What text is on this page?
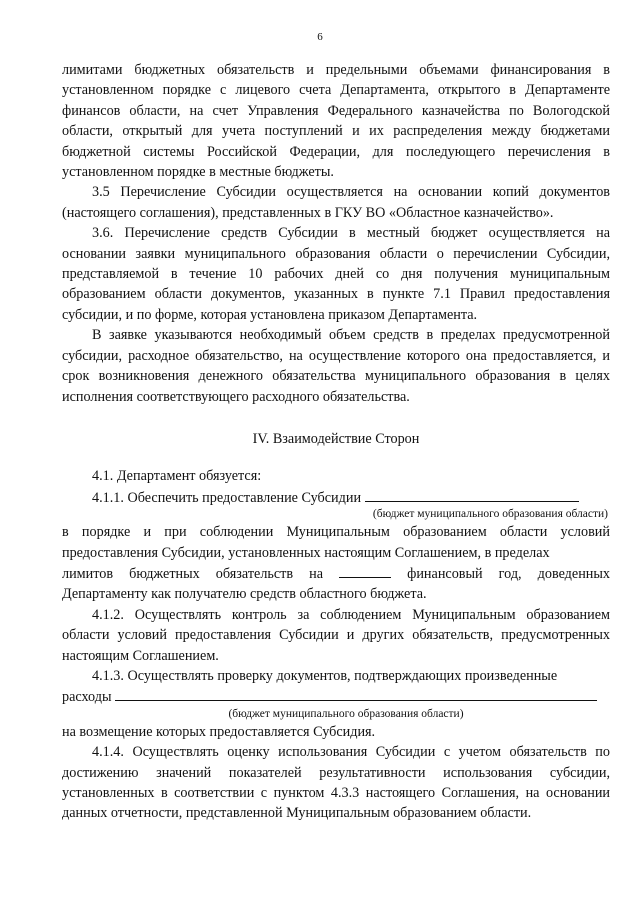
6

лимитами бюджетных обязательств и предельными объемами финансирования в установленном порядке с лицевого счета Департамента, открытого в Департаменте финансов области, на счет Управления Федерального казначейства по Вологодской области, открытый для учета поступлений и их распределения между бюджетами бюджетной системы Российской Федерации, для последующего перечисления в установленном порядке в местные бюджеты.

3.5 Перечисление Субсидии осуществляется на основании копий документов (настоящего соглашения), представленных в ГКУ ВО «Областное казначейство».

3.6. Перечисление средств Субсидии в местный бюджет осуществляется на основании заявки муниципального образования области о перечислении Субсидии, представляемой в течение 10 рабочих дней со дня получения муниципальным образованием области документов, указанных в пункте 7.1 Правил предоставления субсидии, и по форме, которая установлена приказом Департамента.

В заявке указываются необходимый объем средств в пределах предусмотренной субсидии, расходное обязательство, на осуществление которого она предоставляется, и срок возникновения денежного обязательства муниципального образования в целях исполнения соответствующего расходного обязательства.

IV. Взаимодействие Сторон

4.1. Департамент обязуется:

4.1.1. Обеспечить предоставление Субсидии
(бюджет муниципального образования области)

в порядке и при соблюдении Муниципальным образованием области условий предоставления Субсидии, установленных настоящим Соглашением, в пределах

лимитов бюджетных обязательств на	финансовый год, доведенных

Департаменту как получателю средств областного бюджета.

4.1.2. Осуществлять контроль за соблюдением Муниципальным образованием области условий предоставления Субсидии и других обязательств, предусмотренных настоящим Соглашением.

4.1.3. Осуществлять проверку документов, подтверждающих произведенные

расходы
(бюджет муниципального образования области)

на возмещение которых предоставляется Субсидия.

4.1.4. Осуществлять оценку использования Субсидии с учетом обязательств по достижению значений показателей результативности использования субсидии, установленных в соответствии с пунктом 4.3.3 настоящего Соглашения, на основании данных отчетности, представленной Муниципальным образованием области.
